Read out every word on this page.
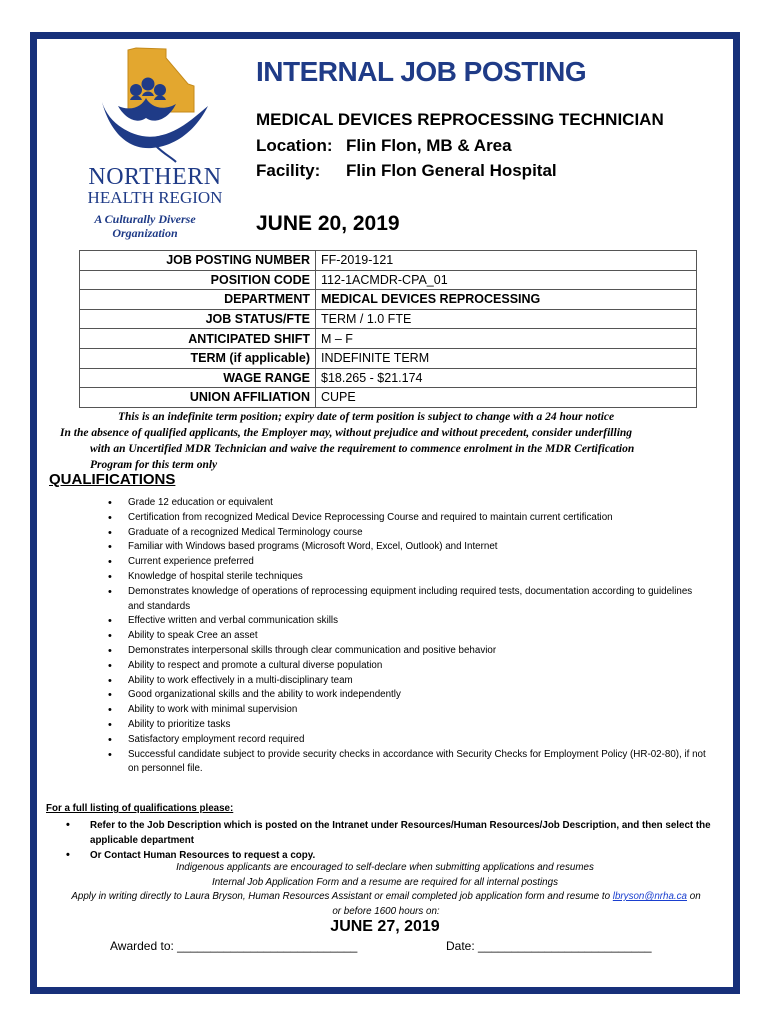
NORTHERN
HEALTH REGION
A Culturally Diverse
Organization
INTERNAL JOB POSTING
MEDICAL DEVICES REPROCESSING TECHNICIAN
Location: Flin Flon, MB & Area
Facility: Flin Flon General Hospital
JUNE 20, 2019
JOB POSTING NUMBER	FF-2019-121
POSITION CODE	112-1ACMDR-CPA_01
DEPARTMENT	MEDICAL DEVICES REPROCESSING
JOB STATUS/FTE	TERM / 1.0 FTE
ANTICIPATED SHIFT	M – F
TERM (if applicable)	INDEFINITE TERM
WAGE RANGE	$18.265 - $21.174
UNION AFFILIATION	CUPE
This is an indefinite term position; expiry date of term position is subject to change with a 24 hour notice
In the absence of qualified applicants, the Employer may, without prejudice and without precedent, consider underfilling
with an Uncertified MDR Technician and waive the requirement to commence enrolment in the MDR Certification
Program for this term only
QUALIFICATIONS
• Grade 12 education or equivalent
• Certification from recognized Medical Device Reprocessing Course and required to maintain current certification
• Graduate of a recognized Medical Terminology course
• Familiar with Windows based programs (Microsoft Word, Excel, Outlook) and Internet
• Current experience preferred
• Knowledge of hospital sterile techniques
• Demonstrates knowledge of operations of reprocessing equipment including required tests, documentation according to guidelines and standards
• Effective written and verbal communication skills
• Ability to speak Cree an asset
• Demonstrates interpersonal skills through clear communication and positive behavior
• Ability to respect and promote a cultural diverse population
• Ability to work effectively in a multi-disciplinary team
• Good organizational skills and the ability to work independently
• Ability to work with minimal supervision
• Ability to prioritize tasks
• Satisfactory employment record required
• Successful candidate subject to provide security checks in accordance with Security Checks for Employment Policy (HR-02-80), if not on personnel file.
For a full listing of qualifications please:
• Refer to the Job Description which is posted on the Intranet under Resources/Human Resources/Job Description, and then select the applicable department
• Or Contact Human Resources to request a copy.
Indigenous applicants are encouraged to self-declare when submitting applications and resumes
Internal Job Application Form and a resume are required for all internal postings
Apply in writing directly to Laura Bryson, Human Resources Assistant or email completed job application form and resume to lbryson@nrha.ca on
or before 1600 hours on:
JUNE 27, 2019
Awarded to: ___________________________	Date: __________________________
